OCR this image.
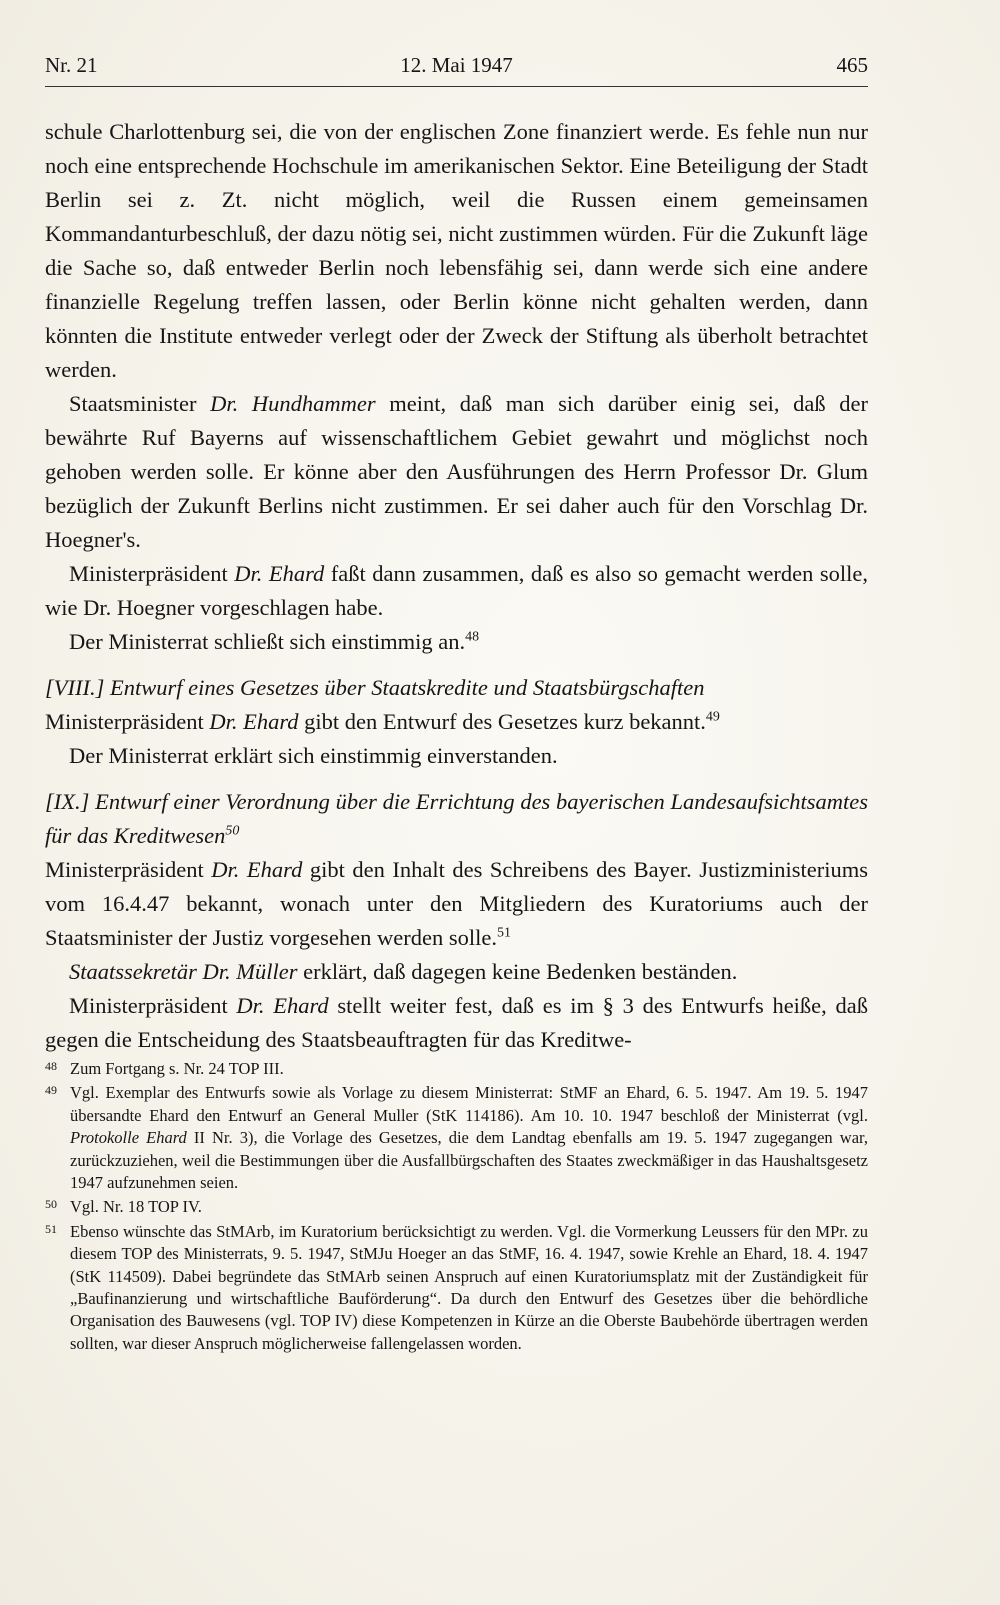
Nr. 21	12. Mai 1947	465

schule Charlottenburg sei, die von der englischen Zone finanziert werde. Es fehle nun nur noch eine entsprechende Hochschule im amerikanischen Sektor. Eine Beteiligung der Stadt Berlin sei z. Zt. nicht möglich, weil die Russen einem gemeinsamen Kommandanturbeschluß, der dazu nötig sei, nicht zustimmen würden. Für die Zukunft läge die Sache so, daß entweder Berlin noch lebensfähig sei, dann werde sich eine andere finanzielle Regelung treffen lassen, oder Berlin könne nicht gehalten werden, dann könnten die Institute entweder verlegt oder der Zweck der Stiftung als überholt betrachtet werden.

Staatsminister Dr. Hundhammer meint, daß man sich darüber einig sei, daß der bewährte Ruf Bayerns auf wissenschaftlichem Gebiet gewahrt und möglichst noch gehoben werden solle. Er könne aber den Ausführungen des Herrn Professor Dr. Glum bezüglich der Zukunft Berlins nicht zustimmen. Er sei daher auch für den Vorschlag Dr. Hoegner's.

Ministerpräsident Dr. Ehard faßt dann zusammen, daß es also so gemacht werden solle, wie Dr. Hoegner vorgeschlagen habe.

Der Ministerrat schließt sich einstimmig an.$^{48}$

[VIII.] Entwurf eines Gesetzes über Staatskredite und Staatsbürgschaften

Ministerpräsident Dr. Ehard gibt den Entwurf des Gesetzes kurz bekannt.$^{49}$

Der Ministerrat erklärt sich einstimmig einverstanden.

[IX.] Entwurf einer Verordnung über die Errichtung des bayerischen Landesaufsichtsamtes für das Kreditwesen$^{50}$

Ministerpräsident Dr. Ehard gibt den Inhalt des Schreibens des Bayer. Justizministeriums vom 16.4.47 bekannt, wonach unter den Mitgliedern des Kuratoriums auch der Staatsminister der Justiz vorgesehen werden solle.$^{51}$

Staatssekretär Dr. Müller erklärt, daß dagegen keine Bedenken beständen.

Ministerpräsident Dr. Ehard stellt weiter fest, daß es im § 3 des Entwurfs heiße, daß gegen die Entscheidung des Staatsbeauftragten für das Kreditwe-

48 Zum Fortgang s. Nr. 24 TOP III.
49 Vgl. Exemplar des Entwurfs sowie als Vorlage zu diesem Ministerrat: StMF an Ehard, 6. 5. 1947. Am 19. 5. 1947 übersandte Ehard den Entwurf an General Muller (StK 114186). Am 10. 10. 1947 beschloß der Ministerrat (vgl. Protokolle Ehard II Nr. 3), die Vorlage des Gesetzes, die dem Landtag ebenfalls am 19. 5. 1947 zugegangen war, zurückzuziehen, weil die Bestimmungen über die Ausfallbürgschaften des Staates zweckmäßiger in das Haushaltsgesetz 1947 aufzunehmen seien.
50 Vgl. Nr. 18 TOP IV.
51 Ebenso wünschte das StMArb, im Kuratorium berücksichtigt zu werden. Vgl. die Vormerkung Leussers für den MPr. zu diesem TOP des Ministerrats, 9. 5. 1947, StMJu Hoeger an das StMF, 16. 4. 1947, sowie Krehle an Ehard, 18. 4. 1947 (StK 114509). Dabei begründete das StMArb seinen Anspruch auf einen Kuratoriumsplatz mit der Zuständigkeit für „Baufinanzierung und wirtschaftliche Bauförderung“. Da durch den Entwurf des Gesetzes über die behördliche Organisation des Bauwesens (vgl. TOP IV) diese Kompetenzen in Kürze an die Oberste Baubehörde übertragen werden sollten, war dieser Anspruch möglicherweise fallengelassen worden.
